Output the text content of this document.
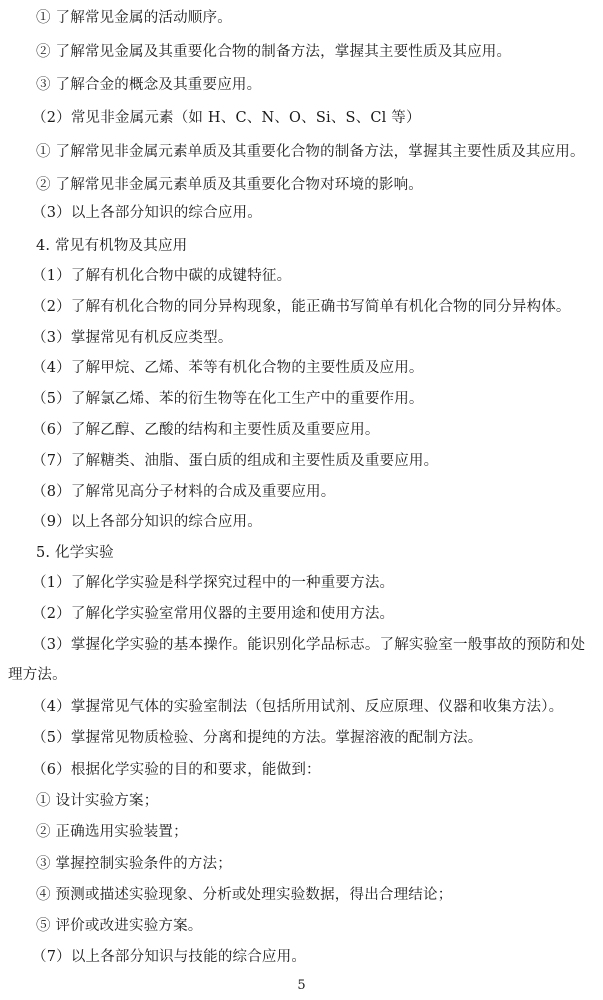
① 了解常见金属的活动顺序。
② 了解常见金属及其重要化合物的制备方法，掌握其主要性质及其应用。
③ 了解合金的概念及其重要应用。
（2）常见非金属元素（如 H、C、N、O、Si、S、Cl 等）
① 了解常见非金属元素单质及其重要化合物的制备方法，掌握其主要性质及其应用。
② 了解常见非金属元素单质及其重要化合物对环境的影响。
（3）以上各部分知识的综合应用。
4. 常见有机物及其应用
（1）了解有机化合物中碳的成键特征。
（2）了解有机化合物的同分异构现象，能正确书写简单有机化合物的同分异构体。
（3）掌握常见有机反应类型。
（4）了解甲烷、乙烯、苯等有机化合物的主要性质及应用。
（5）了解氯乙烯、苯的衍生物等在化工生产中的重要作用。
（6）了解乙醇、乙酸的结构和主要性质及重要应用。
（7）了解糖类、油脂、蛋白质的组成和主要性质及重要应用。
（8）了解常见高分子材料的合成及重要应用。
（9）以上各部分知识的综合应用。
5. 化学实验
（1）了解化学实验是科学探究过程中的一种重要方法。
（2）了解化学实验室常用仪器的主要用途和使用方法。
（3）掌握化学实验的基本操作。能识别化学品标志。了解实验室一般事故的预防和处
理方法。
（4）掌握常见气体的实验室制法（包括所用试剂、反应原理、仪器和收集方法）。
（5）掌握常见物质检验、分离和提纯的方法。掌握溶液的配制方法。
（6）根据化学实验的目的和要求，能做到：
① 设计实验方案；
② 正确选用实验装置；
③ 掌握控制实验条件的方法；
④ 预测或描述实验现象、分析或处理实验数据，得出合理结论；
⑤ 评价或改进实验方案。
（7）以上各部分知识与技能的综合应用。
5
